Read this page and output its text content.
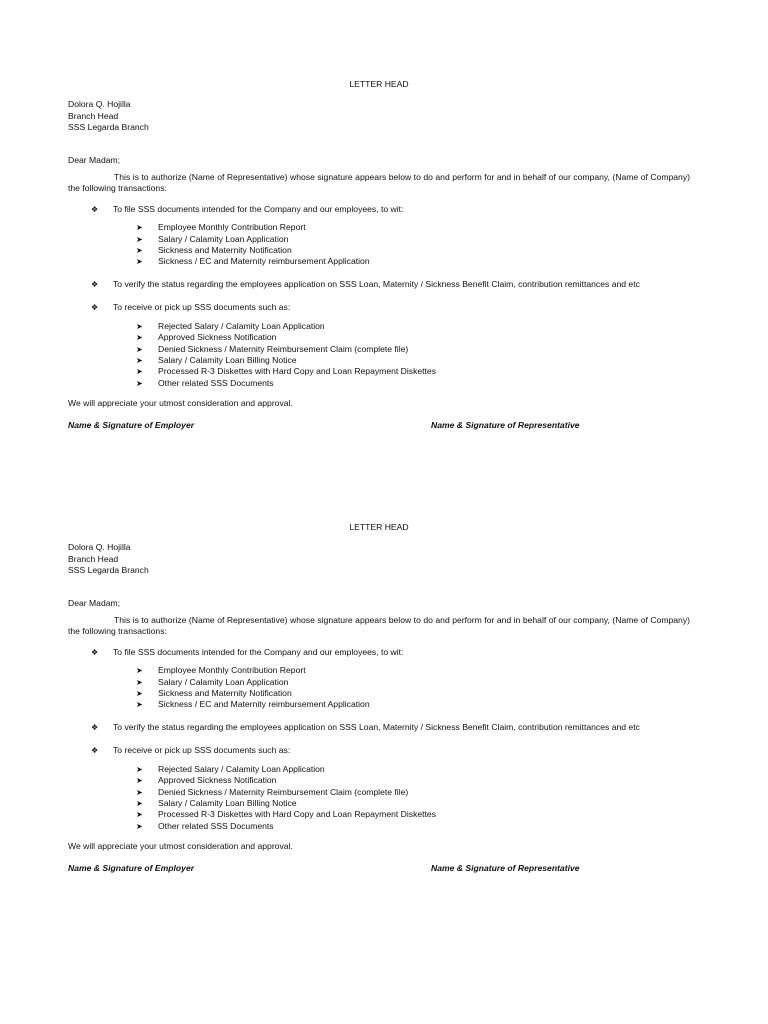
LETTER HEAD
Dolora Q. Hojilla
Branch Head
SSS Legarda Branch
Dear Madam;
This is to authorize (Name of Representative) whose signature appears below to do and perform for and in behalf of our company, (Name of Company) the following transactions:
❖ To file SSS documents intended for the Company and our employees, to wit:
➤ Employee Monthly Contribution Report
➤ Salary / Calamity Loan Application
➤ Sickness and Maternity Notification
➤ Sickness / EC and Maternity reimbursement Application
❖ To verify the status regarding the employees application on SSS Loan, Maternity / Sickness Benefit Claim, contribution remittances and etc
❖ To receive or pick up SSS documents such as:
➤ Rejected Salary / Calamity Loan Application
➤ Approved Sickness Notification
➤ Denied Sickness / Maternity Reimbursement Claim (complete file)
➤ Salary / Calamity Loan Billing Notice
➤ Processed R-3 Diskettes with Hard Copy and Loan Repayment Diskettes
➤ Other related SSS Documents
We will appreciate your utmost consideration and approval.
Name & Signature of Employer	Name & Signature of Representative
LETTER HEAD
Dolora Q. Hojilla
Branch Head
SSS Legarda Branch
Dear Madam;
This is to authorize (Name of Representative) whose signature appears below to do and perform for and in behalf of our company, (Name of Company) the following transactions:
❖ To file SSS documents intended for the Company and our employees, to wit:
➤ Employee Monthly Contribution Report
➤ Salary / Calamity Loan Application
➤ Sickness and Maternity Notification
➤ Sickness / EC and Maternity reimbursement Application
❖ To verify the status regarding the employees application on SSS Loan, Maternity / Sickness Benefit Claim, contribution remittances and etc
❖ To receive or pick up SSS documents such as:
➤ Rejected Salary / Calamity Loan Application
➤ Approved Sickness Notification
➤ Denied Sickness / Maternity Reimbursement Claim (complete file)
➤ Salary / Calamity Loan Billing Notice
➤ Processed R-3 Diskettes with Hard Copy and Loan Repayment Diskettes
➤ Other related SSS Documents
We will appreciate your utmost consideration and approval.
Name & Signature of Employer	Name & Signature of Representative
